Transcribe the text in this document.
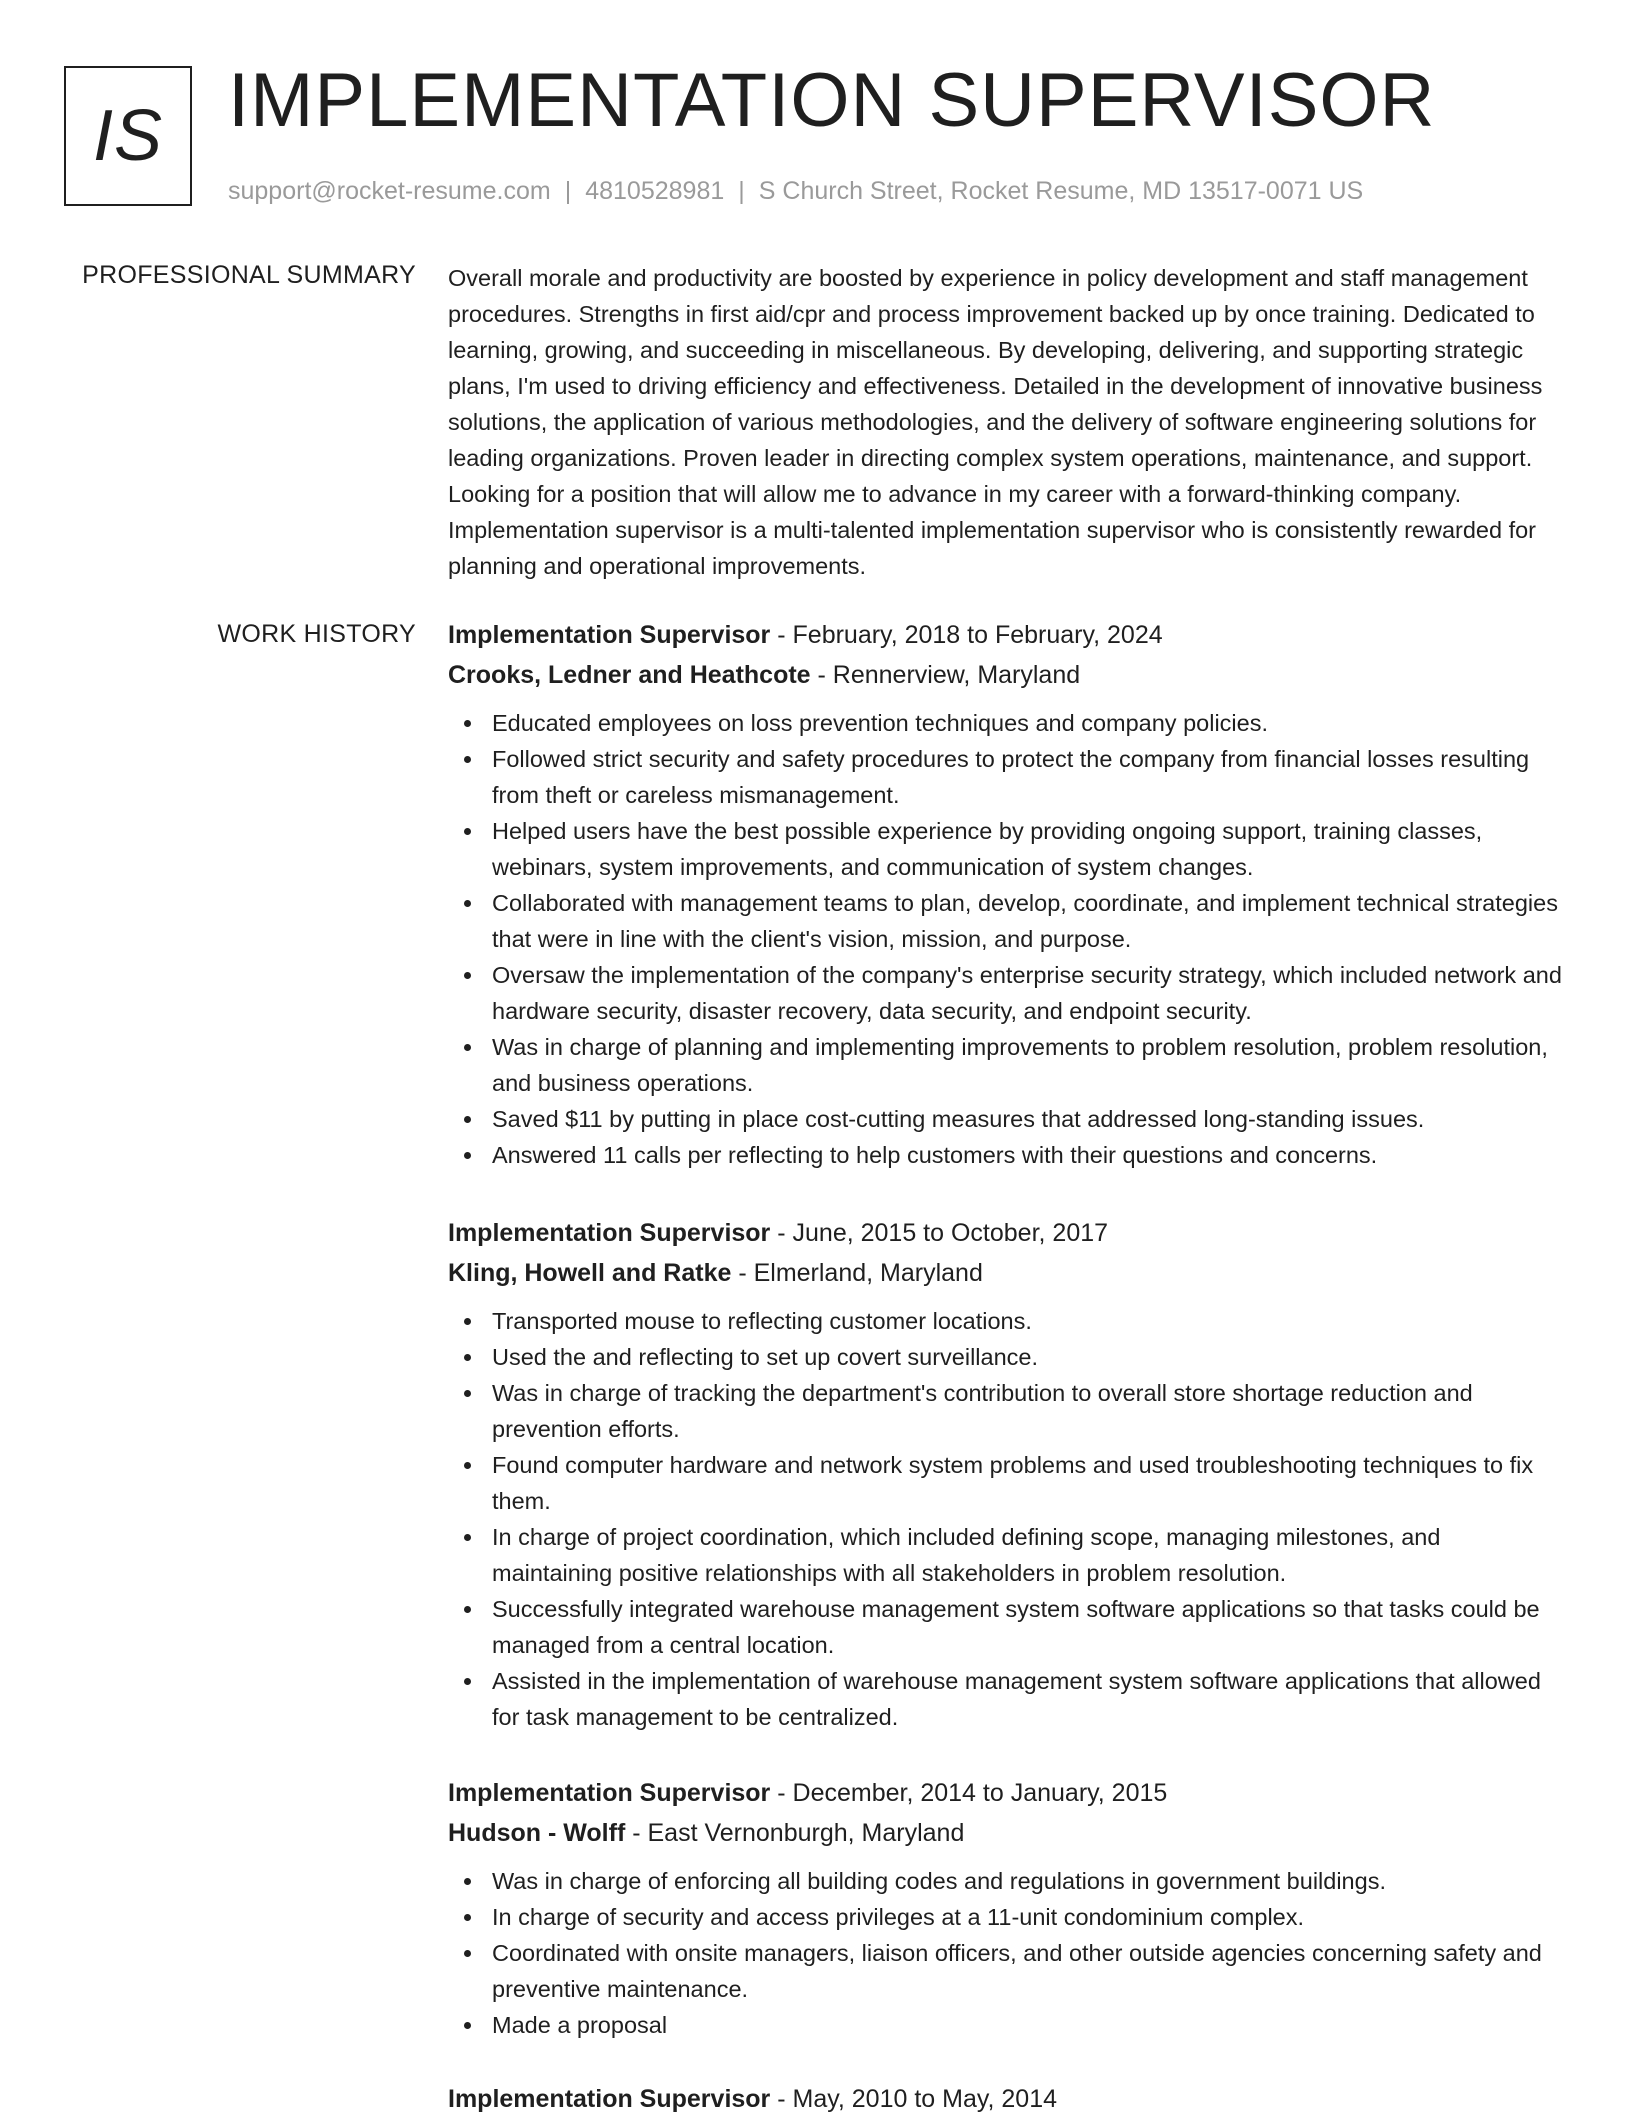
IS IMPLEMENTATION SUPERVISOR
support@rocket-resume.com | 4810528981 | S Church Street, Rocket Resume, MD 13517-0071 US
PROFESSIONAL SUMMARY Overall morale and productivity are boosted by experience in policy development and staff management procedures. Strengths in first aid/cpr and process improvement backed up by once training. Dedicated to learning, growing, and succeeding in miscellaneous. By developing, delivering, and supporting strategic plans, I'm used to driving efficiency and effectiveness. Detailed in the development of innovative business solutions, the application of various methodologies, and the delivery of software engineering solutions for leading organizations. Proven leader in directing complex system operations, maintenance, and support. Looking for a position that will allow me to advance in my career with a forward-thinking company. Implementation supervisor is a multi-talented implementation supervisor who is consistently rewarded for planning and operational improvements.
WORK HISTORY Implementation Supervisor - February, 2018 to February, 2024
Crooks, Ledner and Heathcote - Rennerview, Maryland
Educated employees on loss prevention techniques and company policies.
Followed strict security and safety procedures to protect the company from financial losses resulting from theft or careless mismanagement.
Helped users have the best possible experience by providing ongoing support, training classes, webinars, system improvements, and communication of system changes.
Collaborated with management teams to plan, develop, coordinate, and implement technical strategies that were in line with the client's vision, mission, and purpose.
Oversaw the implementation of the company's enterprise security strategy, which included network and hardware security, disaster recovery, data security, and endpoint security.
Was in charge of planning and implementing improvements to problem resolution, problem resolution, and business operations.
Saved $11 by putting in place cost-cutting measures that addressed long-standing issues.
Answered 11 calls per reflecting to help customers with their questions and concerns.
Implementation Supervisor - June, 2015 to October, 2017
Kling, Howell and Ratke - Elmerland, Maryland
Transported mouse to reflecting customer locations.
Used the and reflecting to set up covert surveillance.
Was in charge of tracking the department's contribution to overall store shortage reduction and prevention efforts.
Found computer hardware and network system problems and used troubleshooting techniques to fix them.
In charge of project coordination, which included defining scope, managing milestones, and maintaining positive relationships with all stakeholders in problem resolution.
Successfully integrated warehouse management system software applications so that tasks could be managed from a central location.
Assisted in the implementation of warehouse management system software applications that allowed for task management to be centralized.
Implementation Supervisor - December, 2014 to January, 2015
Hudson - Wolff - East Vernonburgh, Maryland
Was in charge of enforcing all building codes and regulations in government buildings.
In charge of security and access privileges at a 11-unit condominium complex.
Coordinated with onsite managers, liaison officers, and other outside agencies concerning safety and preventive maintenance.
Made a proposal
Implementation Supervisor - May, 2010 to May, 2014
